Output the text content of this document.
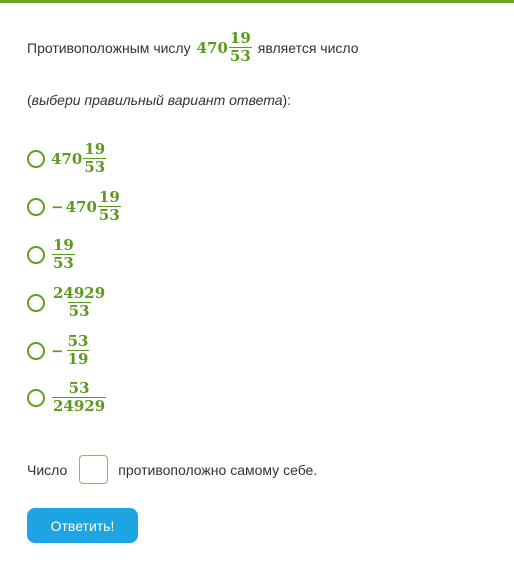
Противоположным числу $470 \frac{19}{53}$ является число
(выбери правильный вариант ответа):
$470 \frac{19}{53}$
− $470 \frac{19}{53}$
$\frac{19}{53}$
$\frac{24929}{53}$
− $\frac{53}{19}$
$\frac{53}{24929}$
Число	противоположно самому себе.
Ответить!
